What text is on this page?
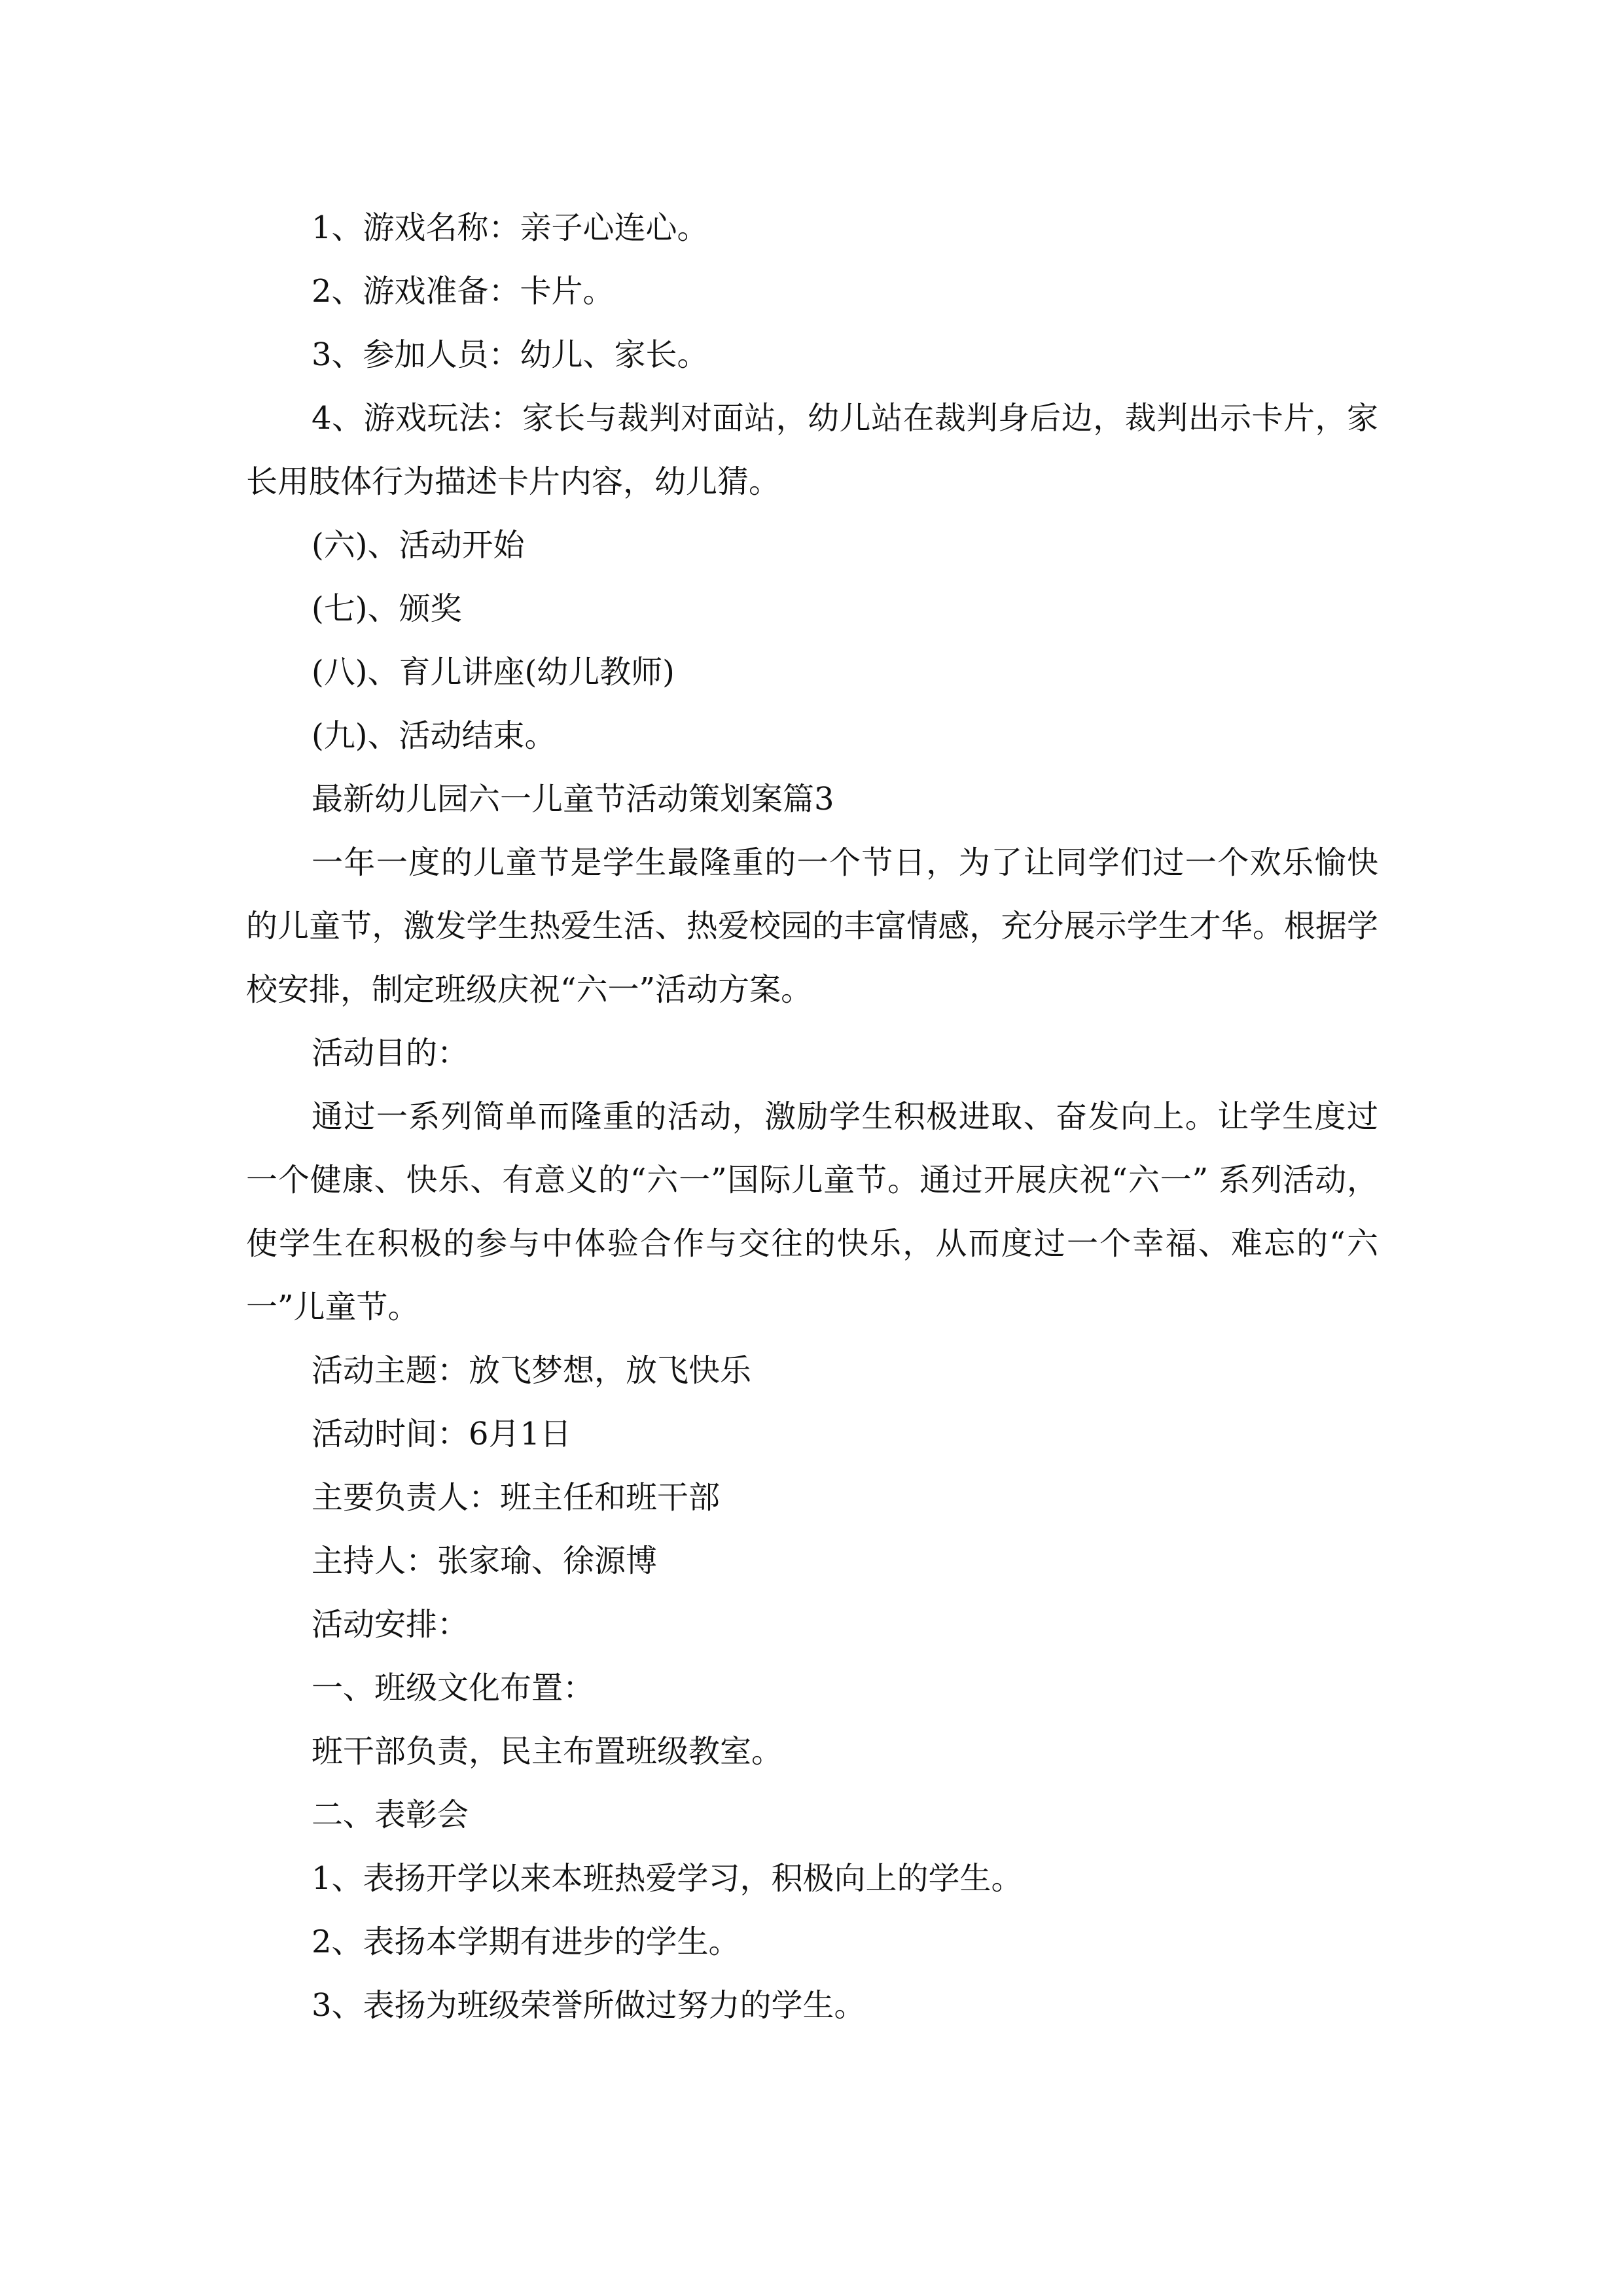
1、游戏名称：亲子心连心。

2、游戏准备：卡片。

3、参加人员：幼儿、家长。

4、游戏玩法：家长与裁判对面站，幼儿站在裁判身后边，裁判出示卡片，家长用肢体行为描述卡片内容，幼儿猜。

(六)、活动开始

(七)、颁奖

(八)、育儿讲座(幼儿教师)

(九)、活动结束。

最新幼儿园六一儿童节活动策划案篇3

一年一度的儿童节是学生最隆重的一个节日，为了让同学们过一个欢乐愉快的儿童节，激发学生热爱生活、热爱校园的丰富情感，充分展示学生才华。根据学校安排，制定班级庆祝“六一”活动方案。

活动目的：

通过一系列简单而隆重的活动，激励学生积极进取、奋发向上。让学生度过一个健康、快乐、有意义的“六一”国际儿童节。通过开展庆祝“六一” 系列活动，使学生在积极的参与中体验合作与交往的快乐，从而度过一个幸福、难忘的“六一”儿童节。

活动主题：放飞梦想，放飞快乐

活动时间：6月1日

主要负责人：班主任和班干部

主持人：张家瑜、徐源博

活动安排：

一、班级文化布置：

班干部负责，民主布置班级教室。

二、表彰会

1、表扬开学以来本班热爱学习，积极向上的学生。

2、表扬本学期有进步的学生。

3、表扬为班级荣誉所做过努力的学生。
